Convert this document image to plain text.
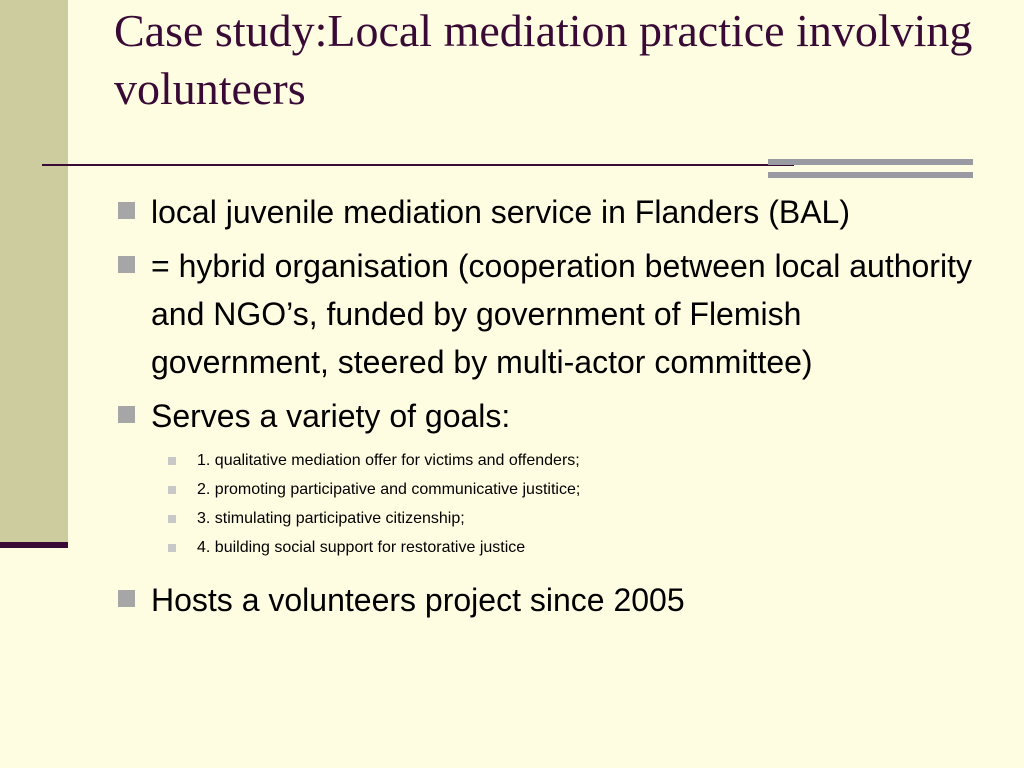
Case study:Local mediation practice involving volunteers
local juvenile mediation service in Flanders (BAL)
= hybrid organisation (cooperation between local authority and NGO’s, funded by government of Flemish government, steered by multi-actor committee)
Serves a variety of goals:
1. qualitative mediation offer for victims and offenders;
2. promoting participative and communicative justitice;
3. stimulating participative citizenship;
4. building social support for restorative justice
Hosts a volunteers project since 2005
